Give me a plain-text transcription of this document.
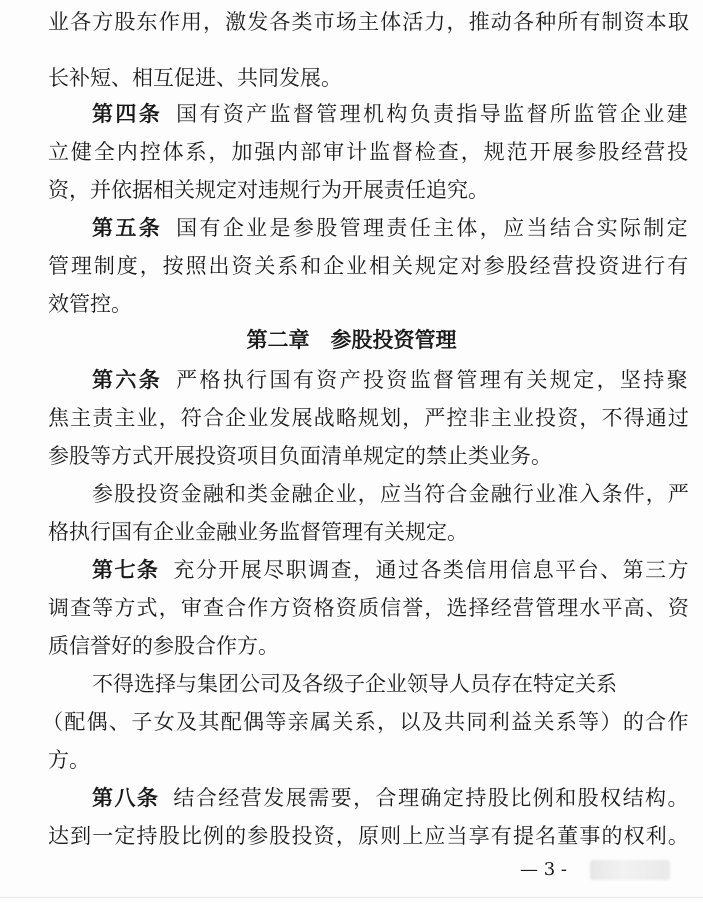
业各方股东作用，激发各类市场主体活力，推动各种所有制资本取
长补短、相互促进、共同发展。
第四条 国有资产监督管理机构负责指导监督所监管企业建
立健全内控体系，加强内部审计监督检查，规范开展参股经营投
资，并依据相关规定对违规行为开展责任追究。
第五条 国有企业是参股管理责任主体，应当结合实际制定
管理制度，按照出资关系和企业相关规定对参股经营投资进行有
效管控。
第二章　参股投资管理
第六条 严格执行国有资产投资监督管理有关规定，坚持聚
焦主责主业，符合企业发展战略规划，严控非主业投资，不得通过
参股等方式开展投资项目负面清单规定的禁止类业务。
参股投资金融和类金融企业，应当符合金融行业准入条件，严
格执行国有企业金融业务监督管理有关规定。
第七条 充分开展尽职调查，通过各类信用信息平台、第三方
调查等方式，审查合作方资格资质信誉，选择经营管理水平高、资
质信誉好的参股合作方。
不得选择与集团公司及各级子企业领导人员存在特定关系
（配偶、子女及其配偶等亲属关系，以及共同利益关系等）的合作
方。
第八条 结合经营发展需要，合理确定持股比例和股权结构。
达到一定持股比例的参股投资，原则上应当享有提名董事的权利。
— 3 -
